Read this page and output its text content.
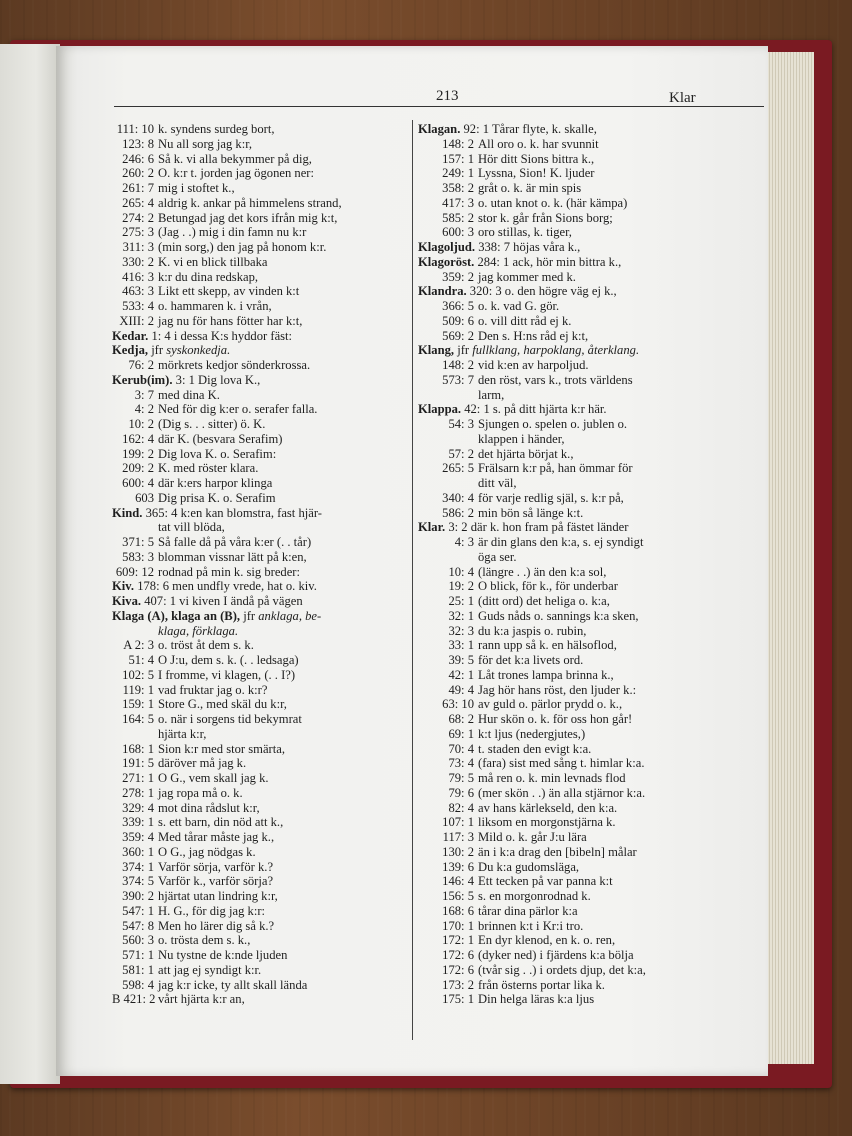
213	Klar
111: 10 k. syndens surdeg bort,
123: 8 Nu all sorg jag k:r,
246: 6 Så k. vi alla bekymmer på dig,
260: 2 O. k:r t. jorden jag ögonen ner:
261: 7 mig i stoftet k.,
265: 4 aldrig k. ankar på himmelens strand,
274: 2 Betungad jag det kors ifrån mig k:t,
275: 3 (Jag . .) mig i din famn nu k:r
311: 3 (min sorg,) den jag på honom k:r.
330: 2 K. vi en blick tillbaka
416: 3 k:r du dina redskap,
463: 3 Likt ett skepp, av vinden k:t
533: 4 o. hammaren k. i vrån,
XIII: 2 jag nu för hans fötter har k:t,
Kedar. 1: 4 i dessa K:s hyddor fäst:
Kedja, jfr syskonkedja.
76: 2 mörkrets kedjor sönderkrossa.
Kerub(im). 3: 1 Dig lova K.,
3: 7 med dina K.
4: 2 Ned för dig k:er o. serafer falla.
10: 2 (Dig s. . . sitter) ö. K.
162: 4 där K. (besvara Serafim)
199: 2 Dig lova K. o. Serafim:
209: 2 K. med röster klara.
600: 4 där k:ers harpor klinga
603 Dig prisa K. o. Serafim
Kind. 365: 4 k:en kan blomstra, fast hjär-
tat vill blöda,
371: 5 Så falle då på våra k:er (. . tår)
583: 3 blomman vissnar lätt på k:en,
609: 12 rodnad på min k. sig breder:
Kiv. 178: 6 men undfly vrede, hat o. kiv.
Kiva. 407: 1 vi kiven I ändå på vägen
Klaga (A), klaga an (B), jfr anklaga, be-
klaga, förklaga.
A 2: 3 o. tröst åt dem s. k.
51: 4 O J:u, dem s. k. (. . ledsaga)
102: 5 I fromme, vi klagen, (. . I?)
119: 1 vad fruktar jag o. k:r?
159: 1 Store G., med skäl du k:r,
164: 5 o. när i sorgens tid bekymrat
hjärta k:r,
168: 1 Sion k:r med stor smärta,
191: 5 däröver må jag k.
271: 1 O G., vem skall jag k.
278: 1 jag ropa må o. k.
329: 4 mot dina rådslut k:r,
339: 1 s. ett barn, din nöd att k.,
359: 4 Med tårar måste jag k.,
360: 1 O G., jag nödgas k.
374: 1 Varför sörja, varför k.?
374: 5 Varför k., varför sörja?
390: 2 hjärtat utan lindring k:r,
547: 1 H. G., för dig jag k:r:
547: 8 Men ho lärer dig så k.?
560: 3 o. trösta dem s. k.,
571: 1 Nu tystne de k:nde ljuden
581: 1 att jag ej syndigt k:r.
598: 4 jag k:r icke, ty allt skall lända
B 421: 2 vårt hjärta k:r an,
Klagan. 92: 1 Tårar flyte, k. skalle,
148: 2 All oro o. k. har svunnit
157: 1 Hör ditt Sions bittra k.,
249: 1 Lyssna, Sion! K. ljuder
358: 2 gråt o. k. är min spis
417: 3 o. utan knot o. k. (här kämpa)
585: 2 stor k. går från Sions borg;
600: 3 oro stillas, k. tiger,
Klagoljud. 338: 7 höjas våra k.,
Klagoröst. 284: 1 ack, hör min bittra k.,
359: 2 jag kommer med k.
Klandra. 320: 3 o. den högre väg ej k.,
366: 5 o. k. vad G. gör.
509: 6 o. vill ditt råd ej k.
569: 2 Den s. H:ns råd ej k:t,
Klang, jfr fullklang, harpoklang, återklang.
148: 2 vid k:en av harpoljud.
573: 7 den röst, vars k., trots världens
larm,
Klappa. 42: 1 s. på ditt hjärta k:r här.
54: 3 Sjungen o. spelen o. jublen o.
klappen i händer,
57: 2 det hjärta börjat k.,
265: 5 Frälsarn k:r på, han ömmar för
ditt väl,
340: 4 för varje redlig själ, s. k:r på,
586: 2 min bön så länge k:t.
Klar. 3: 2 där k. hon fram på fästet länder
4: 3 är din glans den k:a, s. ej syndigt
öga ser.
10: 4 (längre . .) än den k:a sol,
19: 2 O blick, för k., för underbar
25: 1 (ditt ord) det heliga o. k:a,
32: 1 Guds nåds o. sannings k:a sken,
32: 3 du k:a jaspis o. rubin,
33: 1 rann upp så k. en hälsoflod,
39: 5 för det k:a livets ord.
42: 1 Låt trones lampa brinna k.,
49: 4 Jag hör hans röst, den ljuder k.:
63: 10 av guld o. pärlor prydd o. k.,
68: 2 Hur skön o. k. för oss hon går!
69: 1 k:t ljus (nedergjutes,)
70: 4 t. staden den evigt k:a.
73: 4 (fara) sist med sång t. himlar k:a.
79: 5 må ren o. k. min levnads flod
79: 6 (mer skön . .) än alla stjärnor k:a.
82: 4 av hans kärlekseld, den k:a.
107: 1 liksom en morgonstjärna k.
117: 3 Mild o. k. går J:u lära
130: 2 än i k:a drag den [bibeln] målar
139: 6 Du k:a gudomsläga,
146: 4 Ett tecken på var panna k:t
156: 5 s. en morgonrodnad k.
168: 6 tårar dina pärlor k:a
170: 1 brinnen k:t i Kr:i tro.
172: 1 En dyr klenod, en k. o. ren,
172: 6 (dyker ned) i fjärdens k:a bölja
172: 6 (tvår sig . .) i ordets djup, det k:a,
173: 2 från österns portar lika k.
175: 1 Din helga läras k:a ljus
